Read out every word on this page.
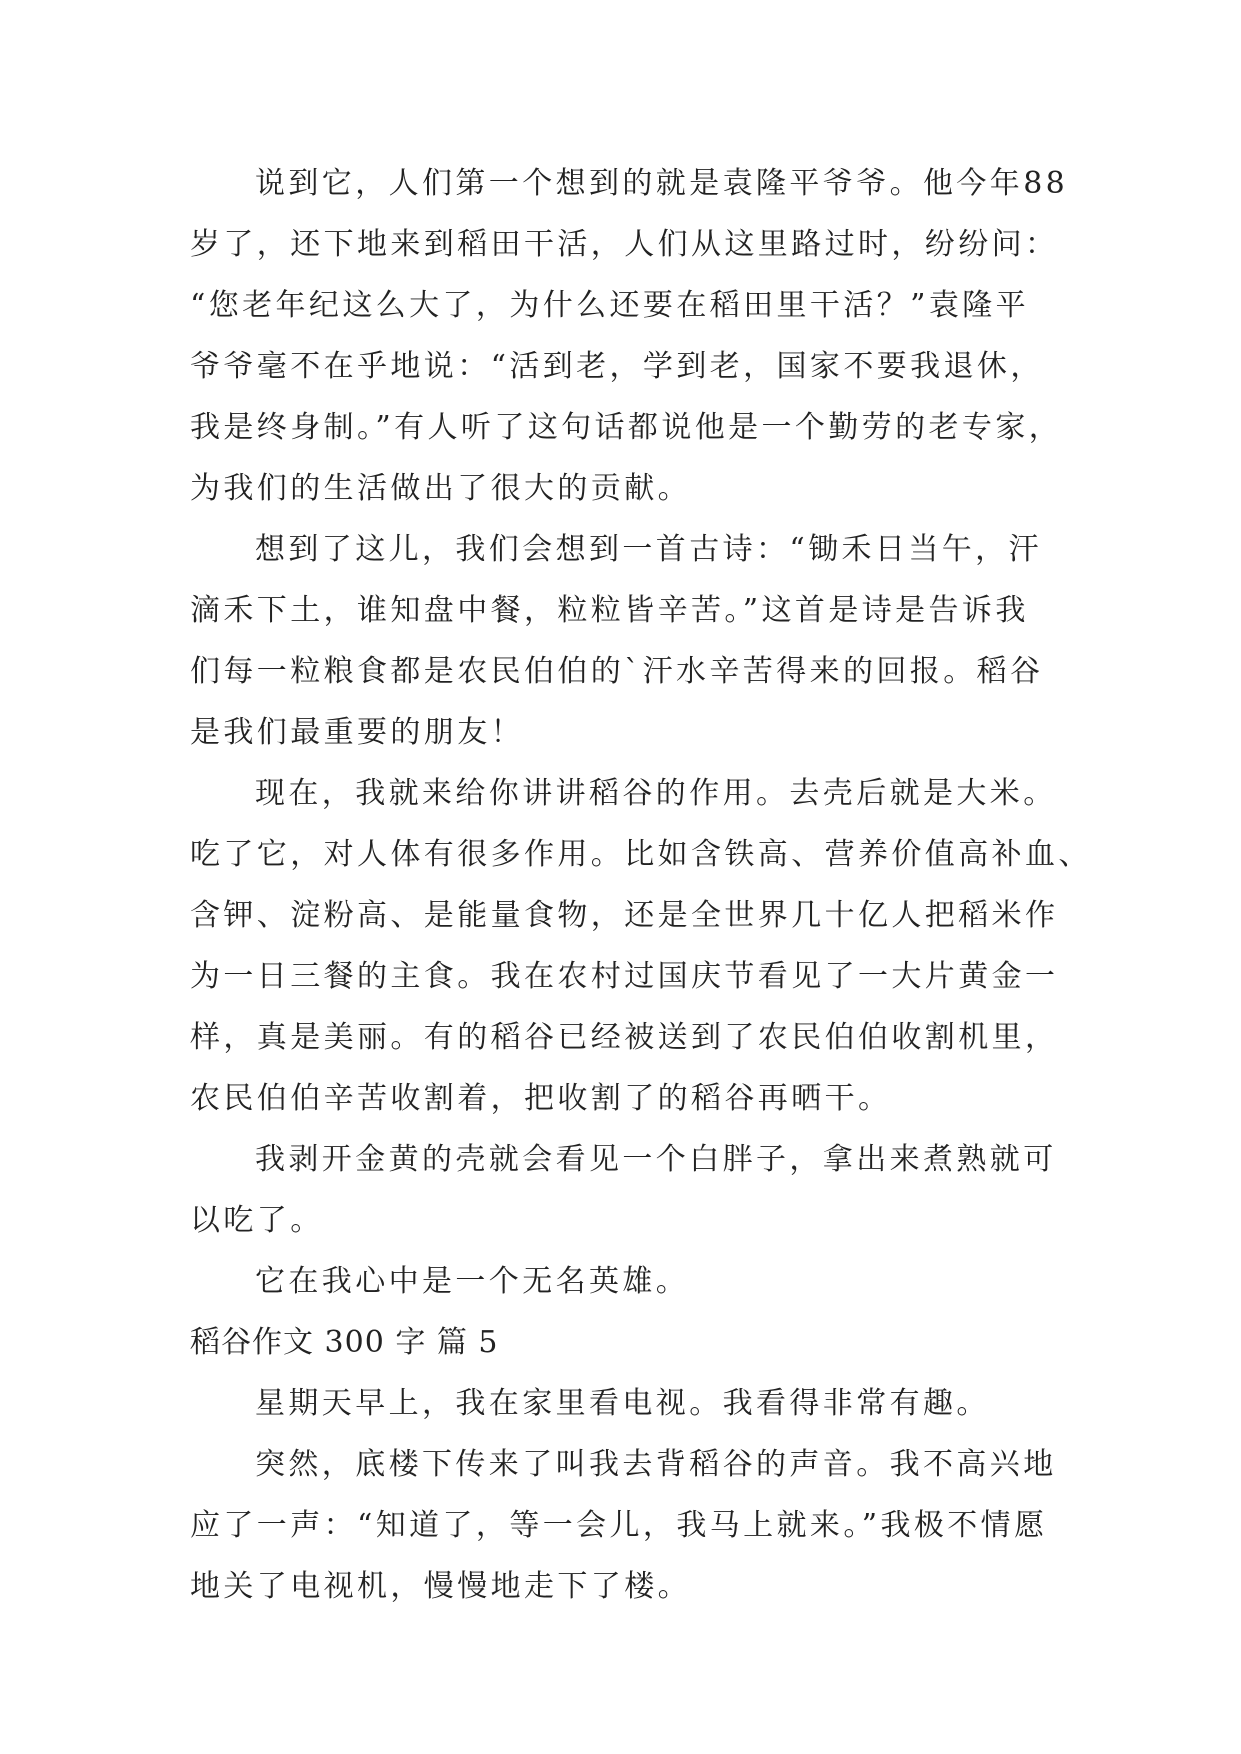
说到它，人们第一个想到的就是袁隆平爷爷。他今年88
岁了，还下地来到稻田干活，人们从这里路过时，纷纷问：
“您老年纪这么大了，为什么还要在稻田里干活？”袁隆平
爷爷毫不在乎地说：“活到老，学到老，国家不要我退休，
我是终身制。”有人听了这句话都说他是一个勤劳的老专家，
为我们的生活做出了很大的贡献。
想到了这儿，我们会想到一首古诗：“锄禾日当午，汗
滴禾下土，谁知盘中餐，粒粒皆辛苦。”这首是诗是告诉我
们每一粒粮食都是农民伯伯的`汗水辛苦得来的回报。稻谷
是我们最重要的朋友！
现在，我就来给你讲讲稻谷的作用。去壳后就是大米。
吃了它，对人体有很多作用。比如含铁高、营养价值高补血、
含钾、淀粉高、是能量食物，还是全世界几十亿人把稻米作
为一日三餐的主食。我在农村过国庆节看见了一大片黄金一
样，真是美丽。有的稻谷已经被送到了农民伯伯收割机里，
农民伯伯辛苦收割着，把收割了的稻谷再晒干。
我剥开金黄的壳就会看见一个白胖子，拿出来煮熟就可
以吃了。
它在我心中是一个无名英雄。
稻谷作文 300 字 篇 5
星期天早上，我在家里看电视。我看得非常有趣。
突然，底楼下传来了叫我去背稻谷的声音。我不高兴地
应了一声：“知道了，等一会儿，我马上就来。”我极不情愿
地关了电视机，慢慢地走下了楼。
